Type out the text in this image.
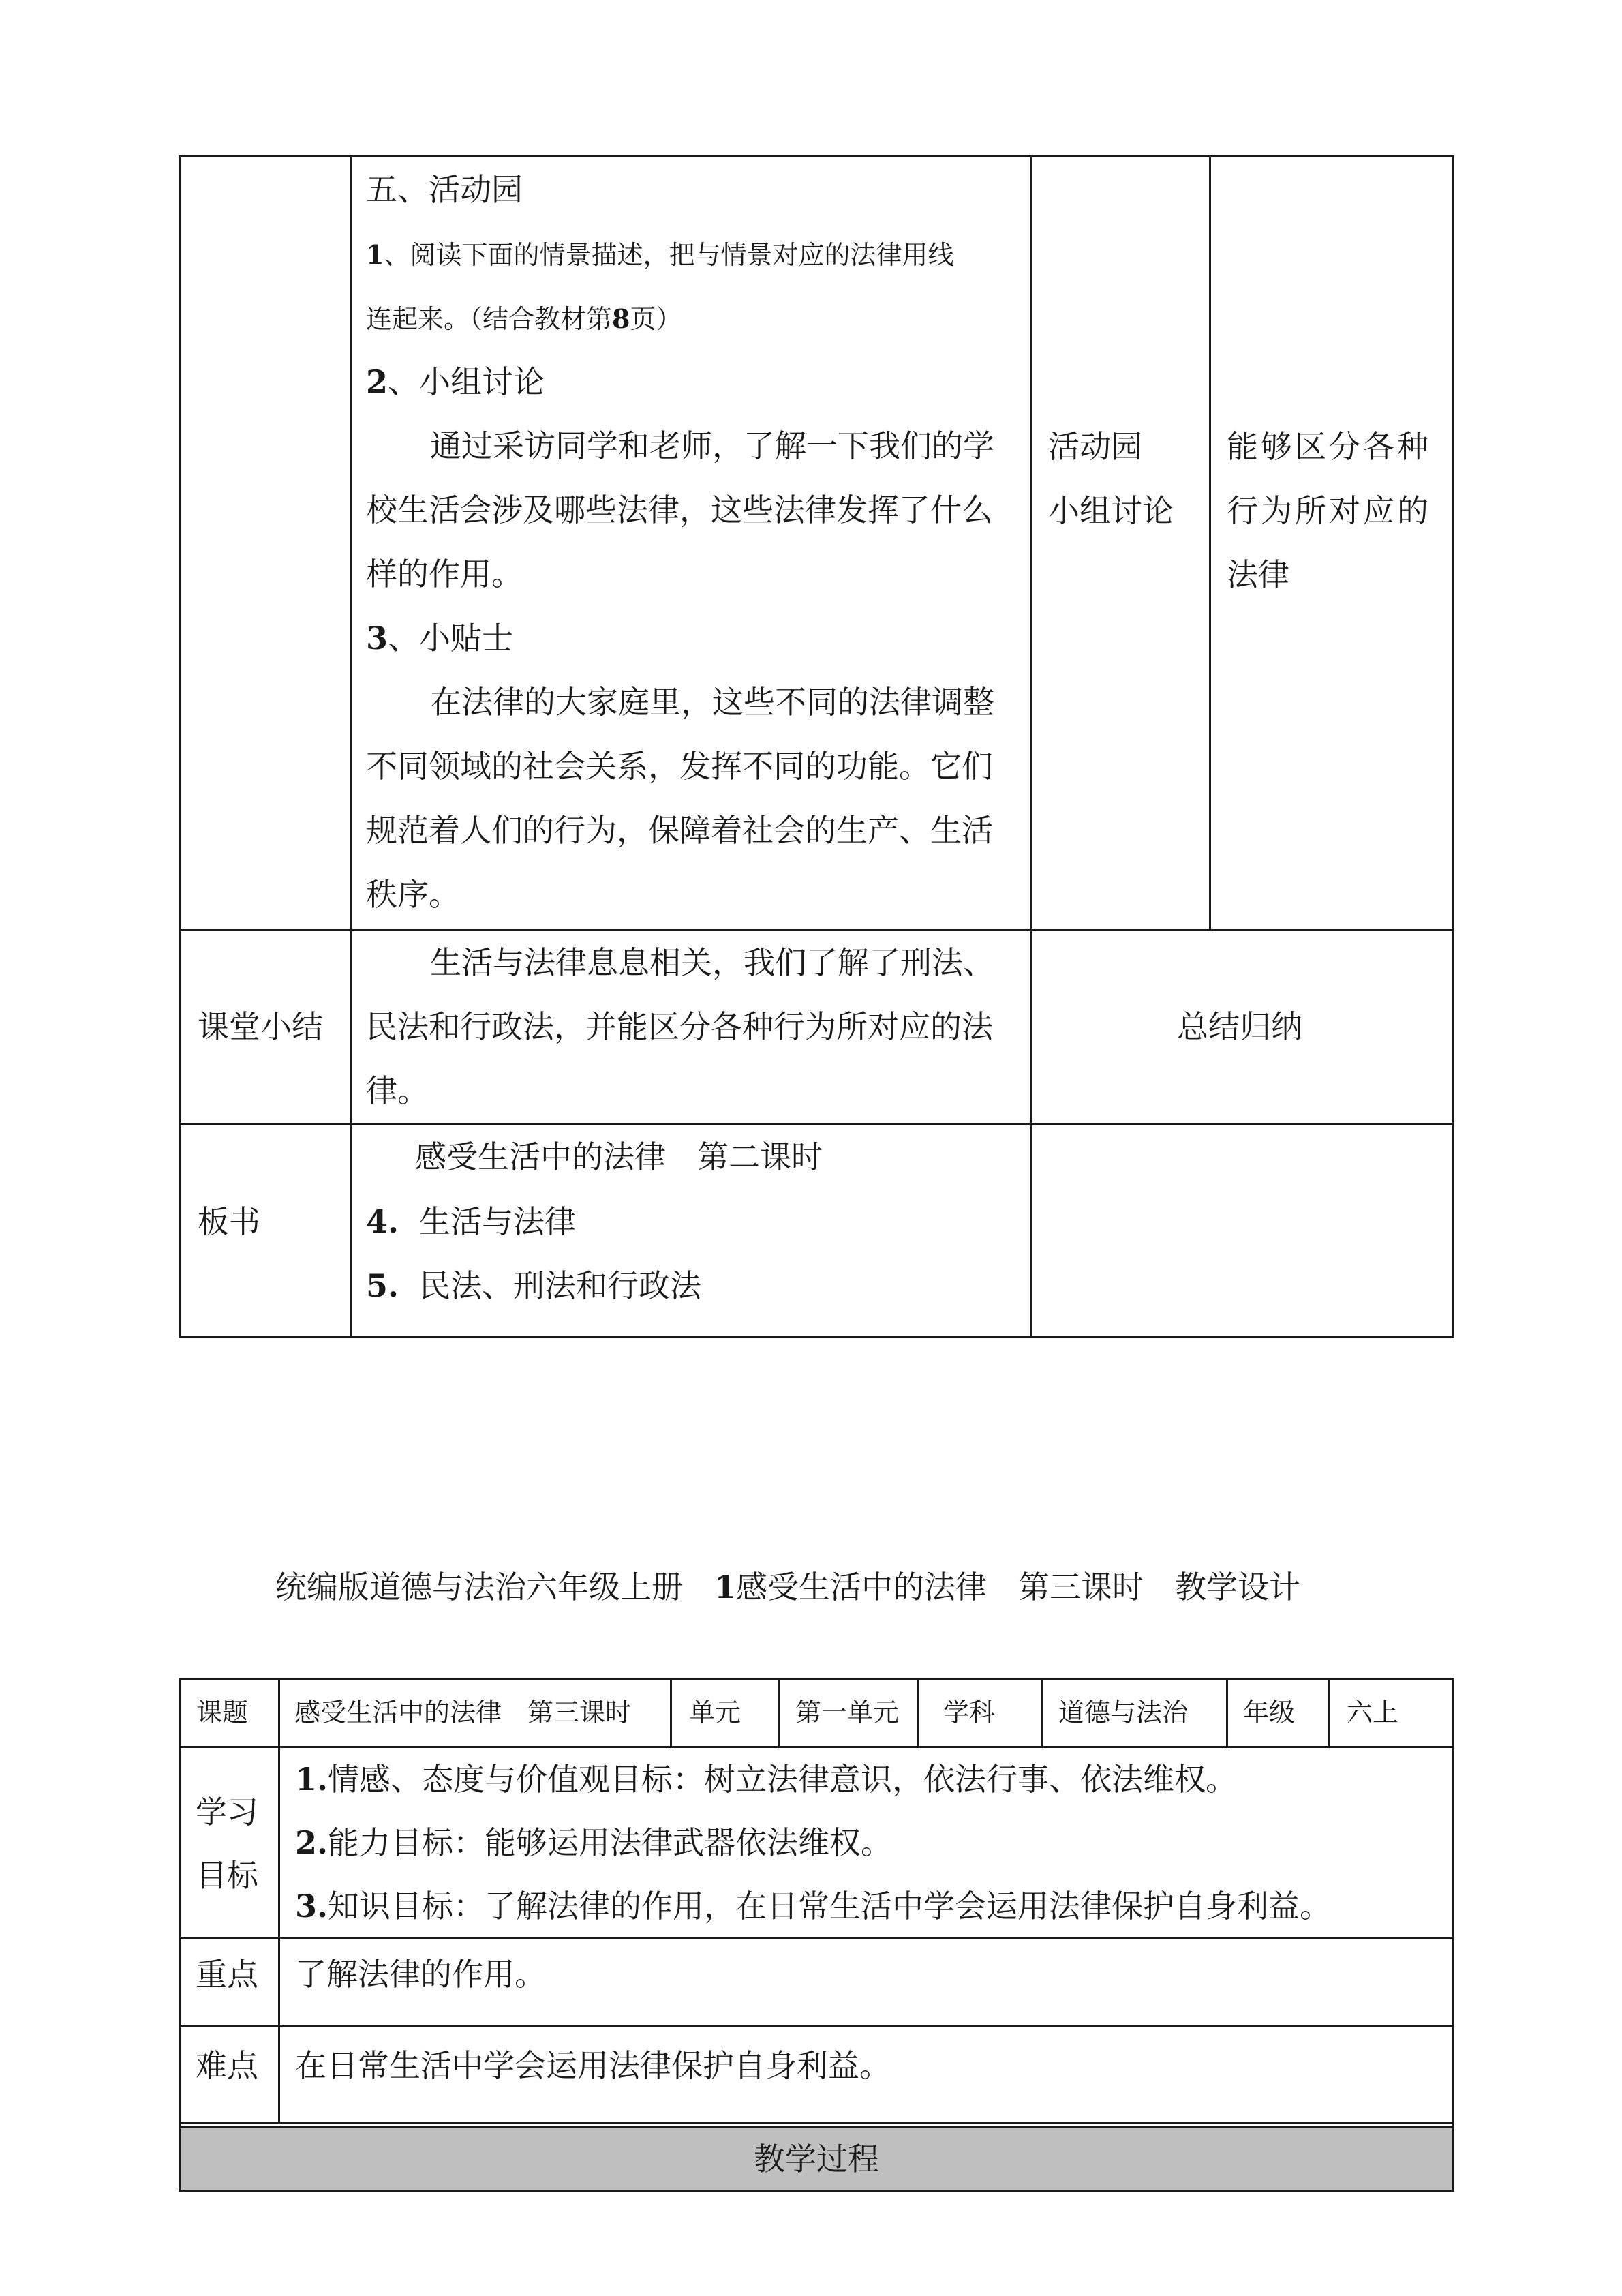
五、活动园
1、阅读下面的情景描述，把与情景对应的法律用线
连起来。（结合教材第8页）
2、小组讨论
通过采访同学和老师，了解一下我们的学
校生活会涉及哪些法律，这些法律发挥了什么
样的作用。
3、小贴士
在法律的大家庭里，这些不同的法律调整
不同领域的社会关系，发挥不同的功能。它们
规范着人们的行为，保障着社会的生产、生活
秩序。
活动园
小组讨论
能够区分各种
行为所对应的
法律
课堂小结
生活与法律息息相关，我们了解了刑法、
民法和行政法，并能区分各种行为所对应的法
律。
总结归纳
板书
感受生活中的法律　第二课时
4. 生活与法律
5. 民法、刑法和行政法
统编版道德与法治六年级上册　1感受生活中的法律　第三课时　教学设计
课题 感受生活中的法律　第三课时 单元 第一单元 学科 道德与法治 年级 六上
学习
目标
1.情感、态度与价值观目标：树立法律意识，依法行事、依法维权。
2.能力目标：能够运用法律武器依法维权。
3.知识目标：了解法律的作用，在日常生活中学会运用法律保护自身利益。
重点 了解法律的作用。
难点 在日常生活中学会运用法律保护自身利益。
教学过程
